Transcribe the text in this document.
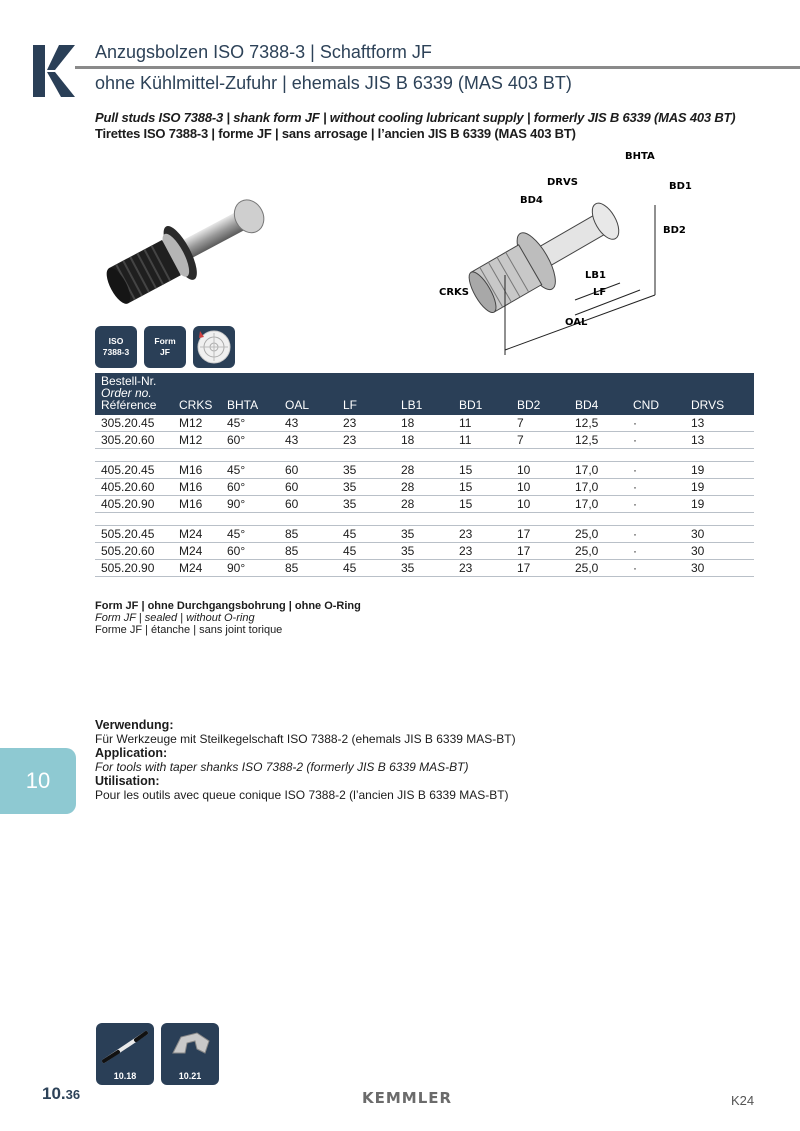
Anzugsbolzen ISO 7388-3 | Schaftform JF
ohne Kühlmittel-Zufuhr | ehemals JIS B 6339 (MAS 403 BT)
Pull studs ISO 7388-3 | shank form JF | without cooling lubricant supply | formerly JIS B 6339 (MAS 403 BT)
Tirettes ISO 7388-3 | forme JF | sans arrosage | l’ancien JIS B 6339 (MAS 403 BT)
BHTA
BD1
BD4
DRVS
BD2
CRKS
LB1
LF
OAL
ISO
7388-3
Form
JF
Bestell-Nr.
Order no.
Référence	CRKS	BHTA	OAL	LF	LB1	BD1	BD2	BD4	CND	DRVS
305.20.45	M12	45°	43	23	18	11	7	12,5	·	13
305.20.60	M12	60°	43	23	18	11	7	12,5	·	13

405.20.45	M16	45°	60	35	28	15	10	17,0	·	19
405.20.60	M16	60°	60	35	28	15	10	17,0	·	19
405.20.90	M16	90°	60	35	28	15	10	17,0	·	19

505.20.45	M24	45°	85	45	35	23	17	25,0	·	30
505.20.60	M24	60°	85	45	35	23	17	25,0	·	30
505.20.90	M24	90°	85	45	35	23	17	25,0	·	30
Form JF | ohne Durchgangsbohrung | ohne O-Ring
Form JF | sealed | without O-ring
Forme JF | étanche | sans joint torique
Verwendung:
Für Werkzeuge mit Steilkegelschaft ISO 7388-2 (ehemals JIS B 6339 MAS-BT)
Application:
For tools with taper shanks ISO 7388-2 (formerly JIS B 6339 MAS-BT)
Utilisation:
Pour les outils avec queue conique ISO 7388-2 (l’ancien JIS B 6339 MAS-BT)
10
10.18	10.21
10.36	KEMMLER	K24
